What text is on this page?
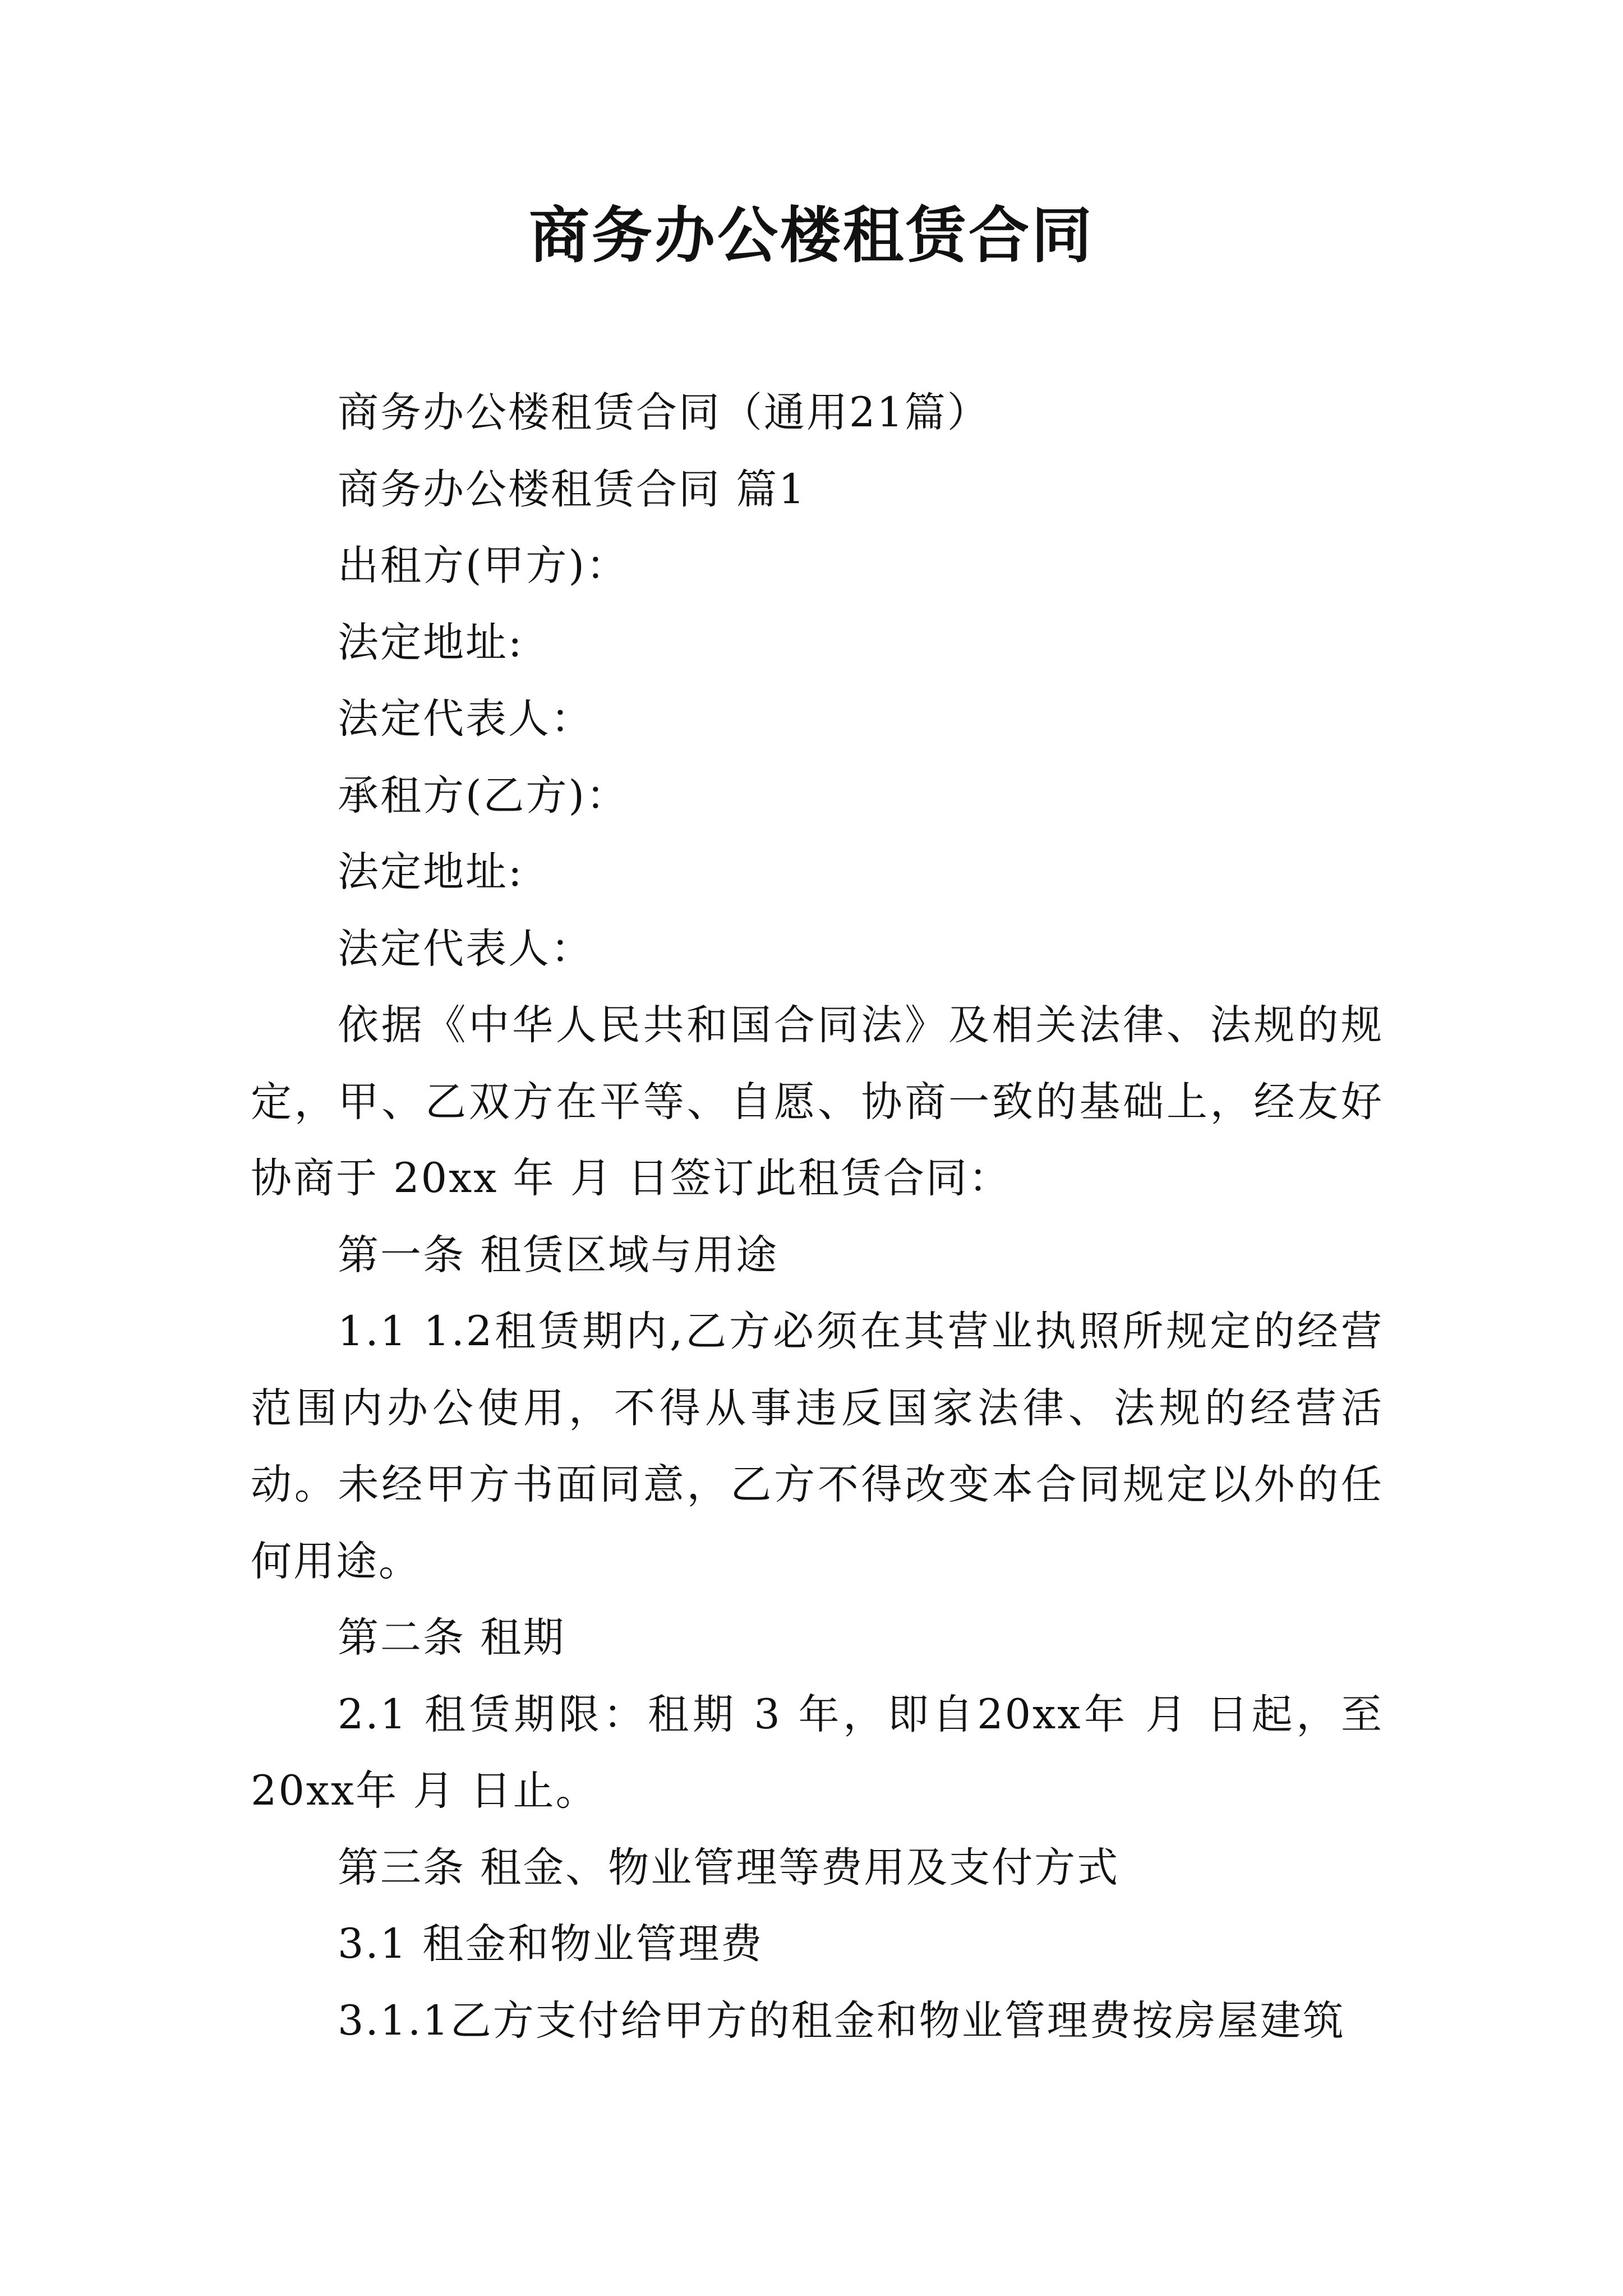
商务办公楼租赁合同

商务办公楼租赁合同（通用21篇）

商务办公楼租赁合同 篇1

出租方(甲方)：

法定地址:

法定代表人：

承租方(乙方)：

法定地址:

法定代表人：

依据《中华人民共和国合同法》及相关法律、法规的规定，甲、乙双方在平等、自愿、协商一致的基础上，经友好协商于 20xx 年 月 日签订此租赁合同：

第一条 租赁区域与用途

1.1 1.2租赁期内,乙方必须在其营业执照所规定的经营范围内办公使用，不得从事违反国家法律、法规的经营活动。未经甲方书面同意，乙方不得改变本合同规定以外的任何用途。

第二条 租期

2.1 租赁期限：租期 3 年，即自20xx年 月 日起，至20xx年 月 日止。

第三条 租金、物业管理等费用及支付方式

3.1 租金和物业管理费

3.1.1乙方支付给甲方的租金和物业管理费按房屋建筑
